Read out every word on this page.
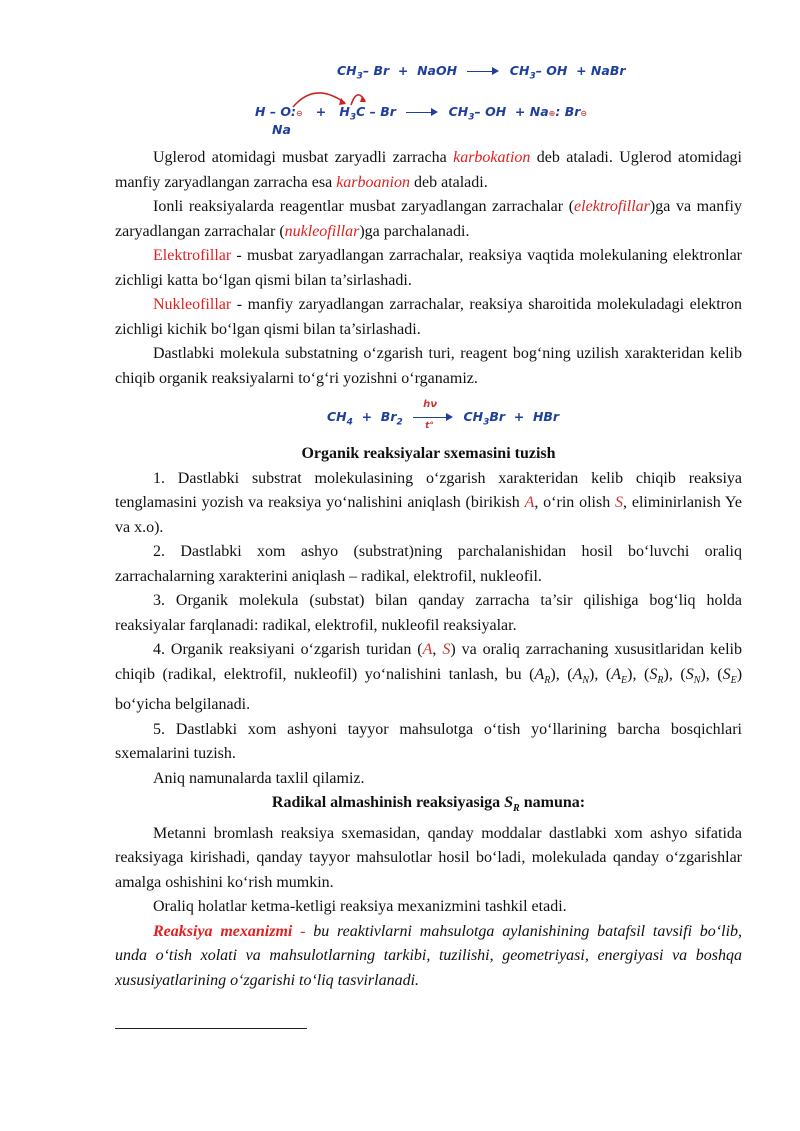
$CH_3-$ Br  +  NaOH	$CH_3-$ OH  + NaBr
H – O:⊖   +   $H_3C$ – Br	$CH_3-$ OH  + Na⊕: Br⊖
Na

Uglerod atomidagi musbat zaryadli zarracha karbokation deb ataladi. Uglerod atomidagi manfiy zaryadlangan zarracha esa karboanion deb ataladi.

Ionli reaksiyalarda reagentlar musbat zaryadlangan zarrachalar (elektrofillar)ga va manfiy zaryadlangan zarrachalar (nukleofillar)ga parchalanadi.

Elektrofillar - musbat zaryadlangan zarrachalar, reaksiya vaqtida molekulaning elektronlar zichligi katta bo‘lgan qismi bilan ta’sirlashadi.

Nukleofillar - manfiy zaryadlangan zarrachalar, reaksiya sharoitida molekuladagi elektron zichligi kichik bo‘lgan qismi bilan ta’sirlashadi.

Dastlabki molekula substatning o‘zgarish turi, reagent bog‘ning uzilish xarakteridan kelib chiqib organik reaksiyalarni to‘g‘ri yozishni o‘rganamiz.

$CH_4 + Br_2 \frac{h\nu}{t^\circ} CH_3Br$  +  HBr

Organik reaksiyalar sxemasini tuzish

1. Dastlabki substrat molekulasining o‘zgarish xarakteridan kelib chiqib reaksiya tenglamasini yozish va reaksiya yo‘nalishini aniqlash (birikish A, o‘rin olish S, eliminirlanish Ye va x.o).

2. Dastlabki xom ashyo (substrat)ning parchalanishidan hosil bo‘luvchi oraliq zarrachalarning xarakterini aniqlash – radikal, elektrofil, nukleofil.

3. Organik molekula (substat) bilan qanday zarracha ta’sir qilishiga bog‘liq holda reaksiyalar farqlanadi: radikal, elektrofil, nukleofil reaksiyalar.

4. Organik reaksiyani o‘zgarish turidan (A, S) va oraliq zarrachaning xususitlaridan kelib chiqib (radikal, elektrofil, nukleofil) yo‘nalishini tanlash, bu $(A_R)$, $(A_N)$, $(A_E)$, $(S_R)$, $(S_N)$, $(S_E)$ bo‘yicha belgilanadi.

5. Dastlabki xom ashyoni tayyor mahsulotga o‘tish yo‘llarining barcha bosqichlari sxemalarini tuzish.

Aniq namunalarda taxlil qilamiz.

Radikal almashinish reaksiyasiga $S_R$ namuna:

Metanni bromlash reaksiya sxemasidan, qanday moddalar dastlabki xom ashyo sifatida reaksiyaga kirishadi, qanday tayyor mahsulotlar hosil bo‘ladi, molekulada qanday o‘zgarishlar amalga oshishini ko‘rish mumkin.

Oraliq holatlar ketma-ketligi reaksiya mexanizmini tashkil etadi.

Reaksiya mexanizmi - bu reaktivlarni mahsulotga aylanishining batafsil tavsifi bo‘lib, unda o‘tish xolati va mahsulotlarning tarkibi, tuzilishi, geometriyasi, energiyasi va boshqa xususiyatlarining o‘zgarishi to‘liq tasvirlanadi.
